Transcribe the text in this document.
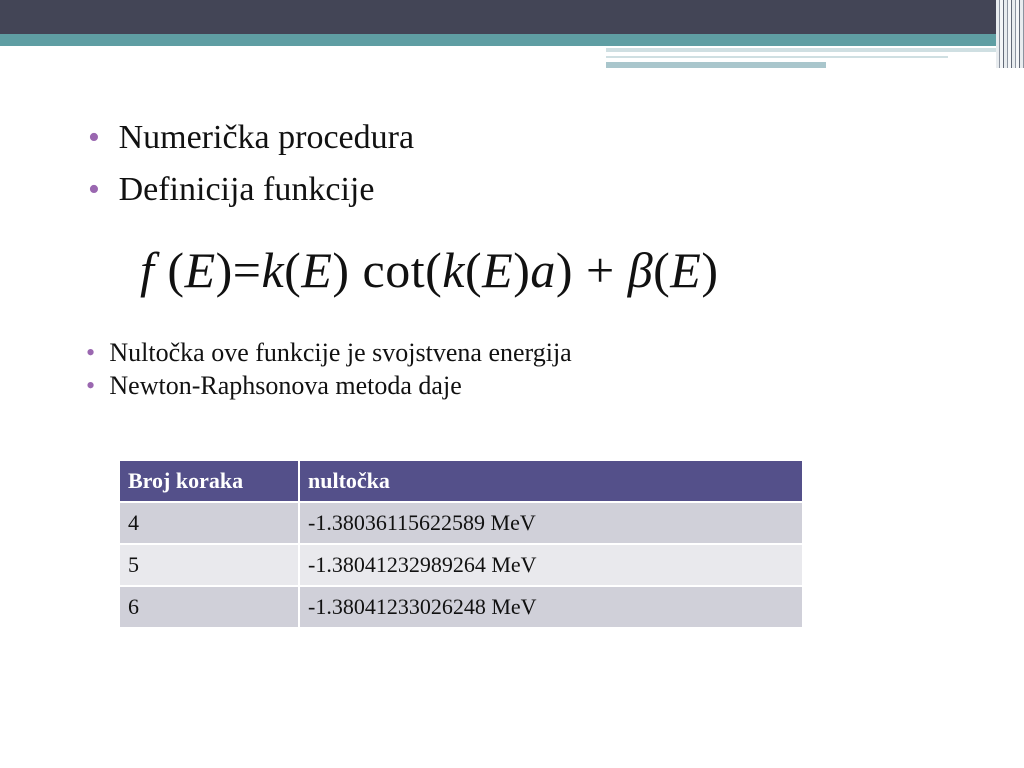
• Numerička procedura
• Definicija funkcije
f (E)=k(E) cot(k(E)a) + β(E)
• Nultočka ove funkcije je svojstvena energija
• Newton-Raphsonova metoda daje
Broj koraka	nultočka
4	-1.38036115622589 MeV
5	-1.38041232989264 MeV
6	-1.38041233026248 MeV
